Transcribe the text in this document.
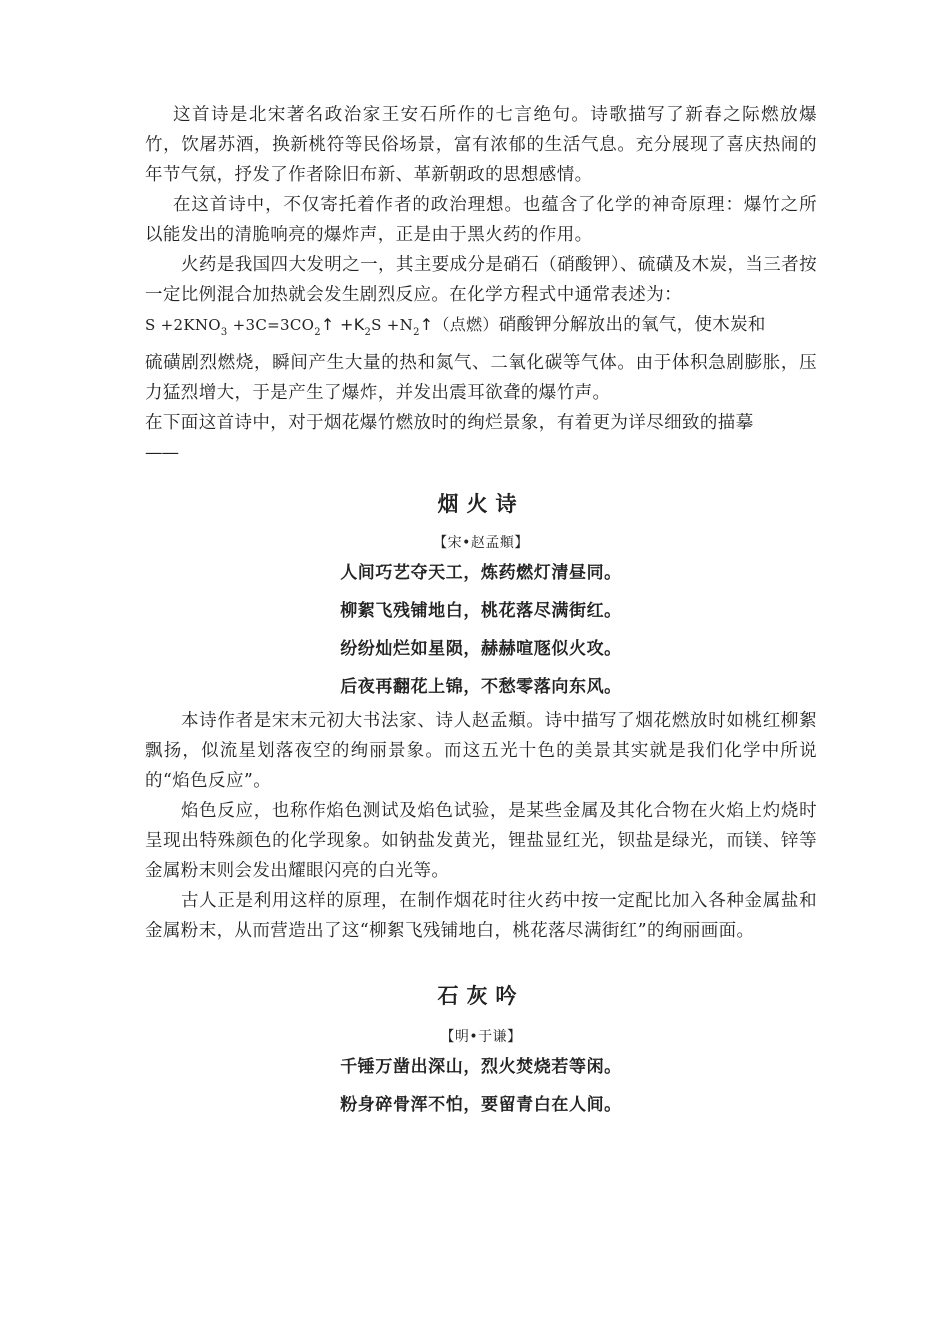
这首诗是北宋著名政治家王安石所作的七言绝句。诗歌描写了新春之际燃放爆竹，饮屠苏酒，换新桃符等民俗场景，富有浓郁的生活气息。充分展现了喜庆热闹的年节气氛，抒发了作者除旧布新、革新朝政的思想感情。

在这首诗中，不仅寄托着作者的政治理想。也蕴含了化学的神奇原理：爆竹之所以能发出的清脆响亮的爆炸声，正是由于黑火药的作用。

火药是我国四大发明之一，其主要成分是硝石（硝酸钾）、硫磺及木炭，当三者按一定比例混合加热就会发生剧烈反应。在化学方程式中通常表述为：

$S +2KNO_3$ $+3C=3CO_2↑ +K_2S$ $+N_2↑$（点燃）硝酸钾分解放出的氧气，使木炭和

硫磺剧烈燃烧，瞬间产生大量的热和氮气、二氧化碳等气体。由于体积急剧膨胀，压力猛烈增大，于是产生了爆炸，并发出震耳欲聋的爆竹声。

在下面这首诗中，对于烟花爆竹燃放时的绚烂景象，有着更为详尽细致的描摹

——

烟火诗

【宋•赵孟頫】

人间巧艺夺天工，炼药燃灯清昼同。

柳絮飞残铺地白，桃花落尽满街红。

纷纷灿烂如星陨，赫赫喧豗似火攻。

后夜再翻花上锦，不愁零落向东风。

本诗作者是宋末元初大书法家、诗人赵孟頫。诗中描写了烟花燃放时如桃红柳絮飘扬，似流星划落夜空的绚丽景象。而这五光十色的美景其实就是我们化学中所说的“焰色反应”。

焰色反应，也称作焰色测试及焰色试验，是某些金属及其化合物在火焰上灼烧时呈现出特殊颜色的化学现象。如钠盐发黄光，锂盐显红光，钡盐是绿光，而镁、锌等金属粉末则会发出耀眼闪亮的白光等。

古人正是利用这样的原理，在制作烟花时往火药中按一定配比加入各种金属盐和金属粉末，从而营造出了这“柳絮飞残铺地白，桃花落尽满街红”的绚丽画面。

石灰吟

【明•于谦】

千锤万凿出深山，烈火焚烧若等闲。

粉身碎骨浑不怕，要留青白在人间。
